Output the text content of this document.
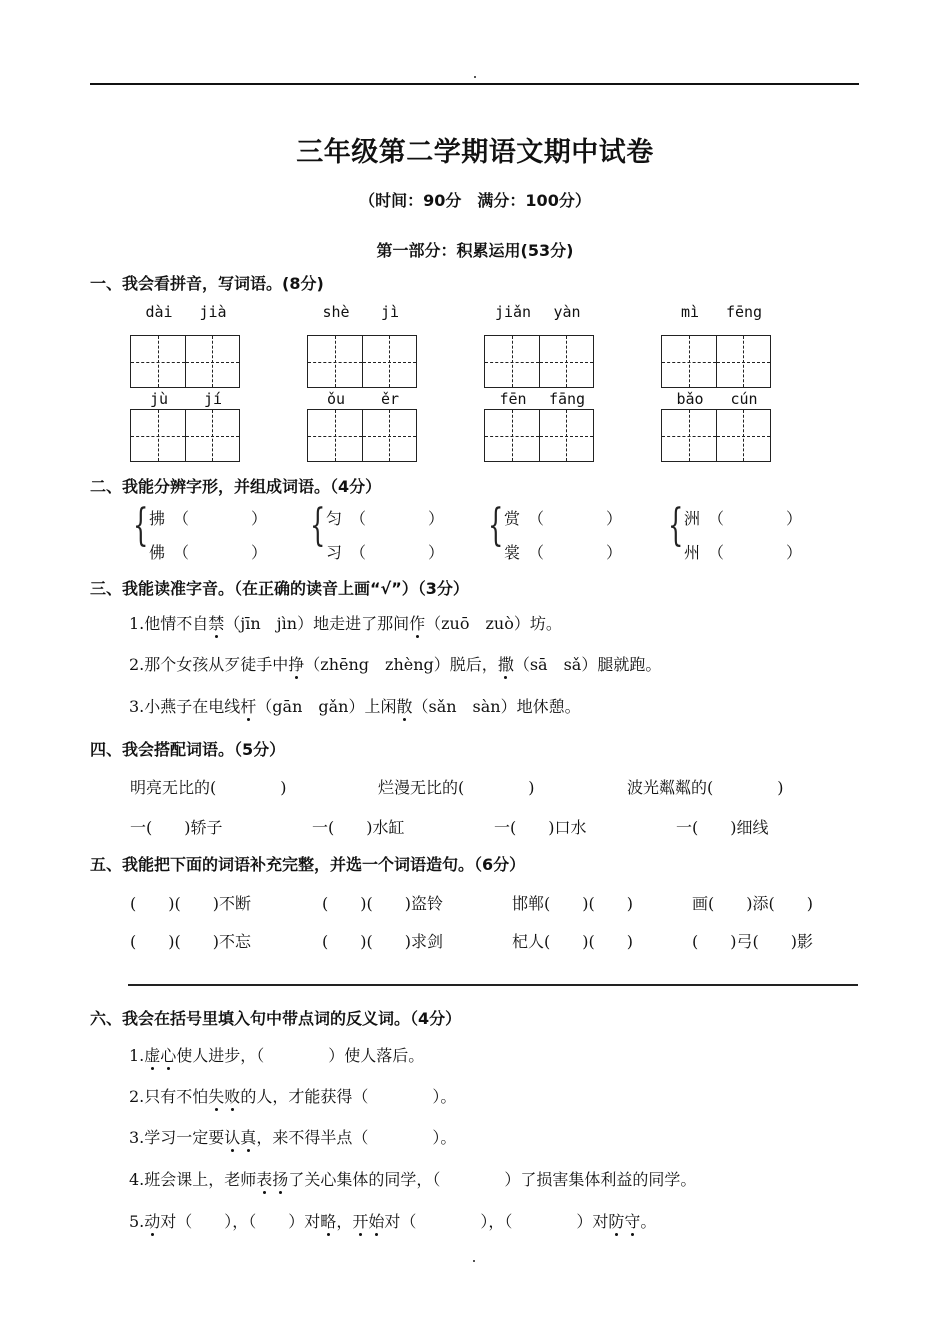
三年级第二学期语文期中试卷
（时间：90分　满分：100分）
第一部分：积累运用(53分)
一、我会看拼音，写词语。(8分)
dài	jià	shè	jì	jiǎn	yàn	mì	fēng
jù	jí	ǒu	ěr	fēn	fāng	bǎo	cún
二、我能分辨字形，并组成词语。（4分）
{ 拂 （	）
佛 （	）
{ 匀 （	）
习 （	）
{ 赏 （	）
裳 （	）
{ 洲 （	）
州 （	）
三、我能读准字音。（在正确的读音上画“√”）（3分）
1.他情不自禁（jīn　jìn）地走进了那间作（zuō　zuò）坊。
2.那个女孩从歹徒手中挣（zhēng　zhèng）脱后，撒（sā　sǎ）腿就跑。
3.小燕子在电线杆（gān　gǎn）上闲散（sǎn　sàn）地休憩。
四、我会搭配词语。（5分）
明亮无比的(　　　　)	烂漫无比的(　　　　)	波光粼粼的(　　　　)
一(　　)轿子	一(　　)水缸	一(　　)口水	一(　　)细线
五、我能把下面的词语补充完整，并选一个词语造句。（6分）
(　　)(　　)不断	(　　)(　　)盗铃	邯郸(　　)(　　)	画(　　)添(　　)
(　　)(　　)不忘	(　　)(　　)求剑	杞人(　　)(　　)	(　　)弓(　　)影
六、我会在括号里填入句中带点词的反义词。（4分）
1.虚心使人进步，（　　　　）使人落后。
2.只有不怕失败的人，才能获得（　　　　）。
3.学习一定要认真，来不得半点（　　　　）。
4.班会课上，老师表扬了关心集体的同学，（　　　　）了损害集体利益的同学。
5.动对（　　），（　　）对略，开始对（　　　　），（　　　　）对防守。
